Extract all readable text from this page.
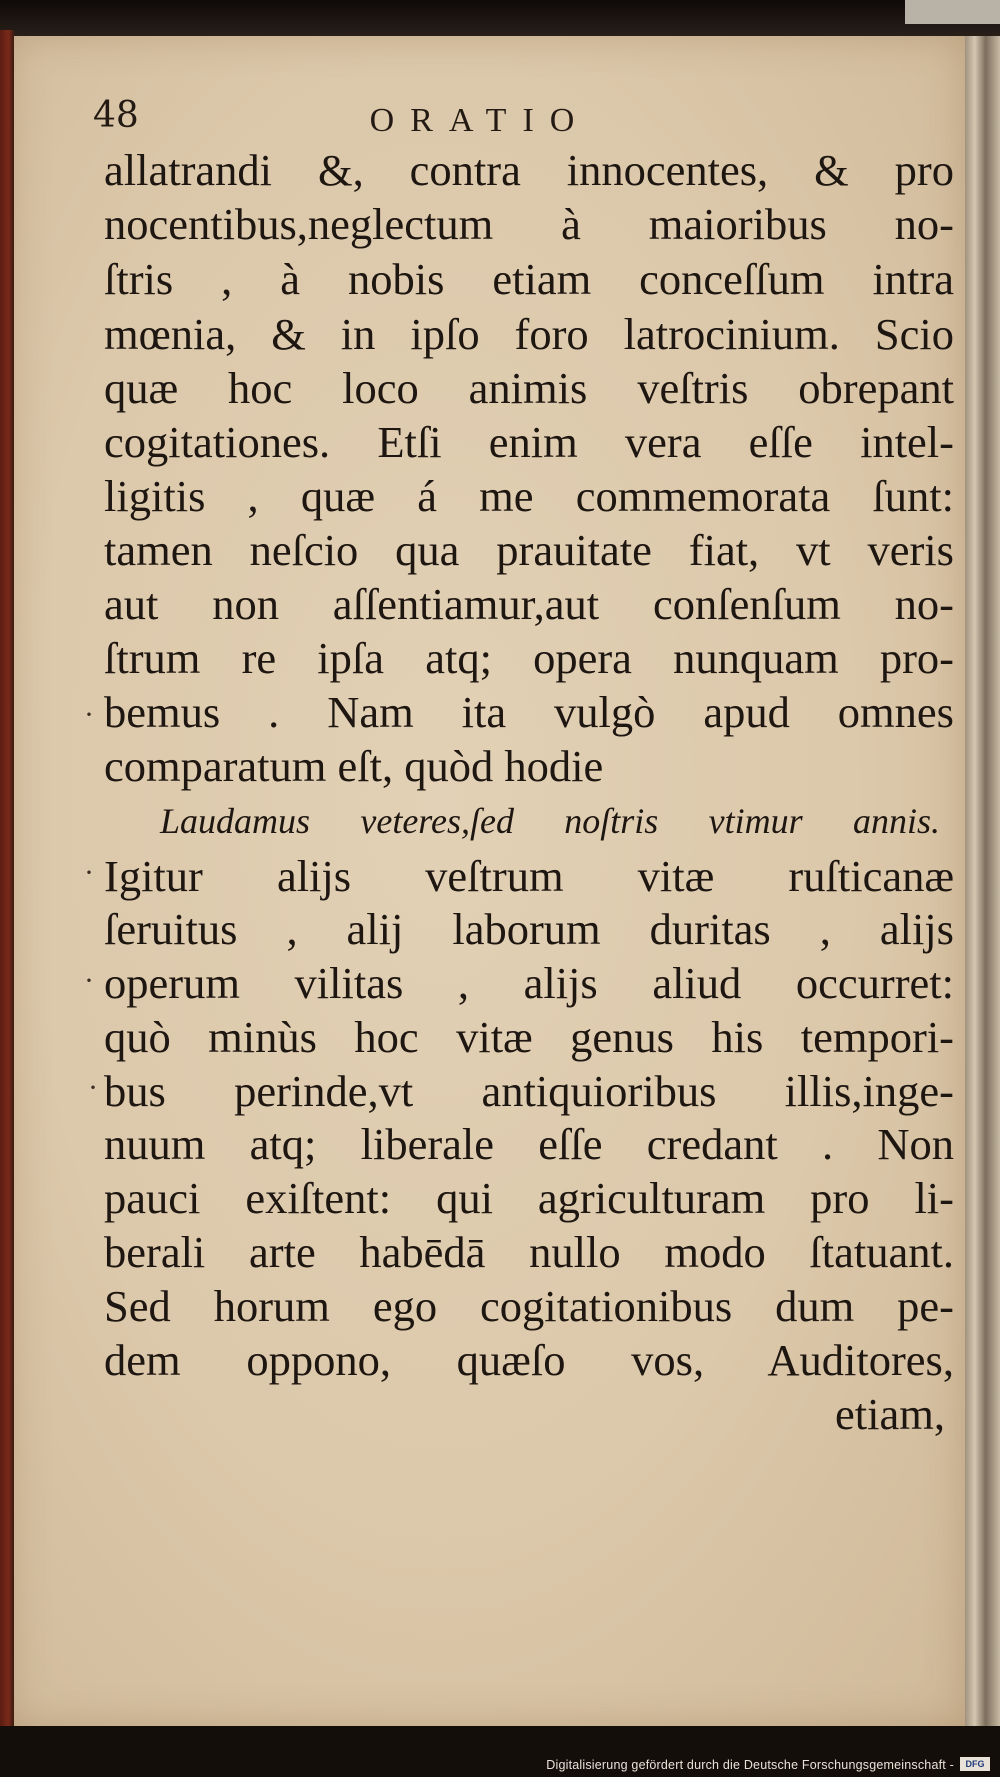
48	ORATIO
allatrandi &, contra innocentes, & pro
nocentibus,neglectum à maioribus no-
ſtris , à nobis etiam conceſſum intra
mœnia, & in ipſo foro latrocinium. Scio
quæ hoc loco animis veſtris obrepant
cogitationes. Etſi enim vera eſſe intel-
ligitis , quæ á me commemorata ſunt:
tamen neſcio qua prauitate fiat, vt veris
aut non aſſentiamur,aut conſenſum no-
ſtrum re ipſa atq; opera nunquam pro-
bemus . Nam ita vulgò apud omnes
comparatum eſt, quòd hodie
Laudamus veteres,ſed noſtris vtimur annis.
Igitur aliјs veſtrum vitæ ruſticanæ
ſeruitus , aliј laborum duritas , aliјs
operum vilitas , aliјs aliud occurret:
quò minùs hoc vitæ genus his tempori-
bus perinde,vt antiquioribus illis,inge-
nuum atq; liberale eſſe credant . Non
pauci exiſtent: qui agriculturam pro li-
berali arte habēdā nullo modo ſtatuant.
Sed horum ego cogitationibus dum pe-
dem oppono, quæſo vos, Auditores,
etiam,
·
·
·
·
Digitalisierung gefördert durch die Deutsche Forschungsgemeinschaft -	DFG
